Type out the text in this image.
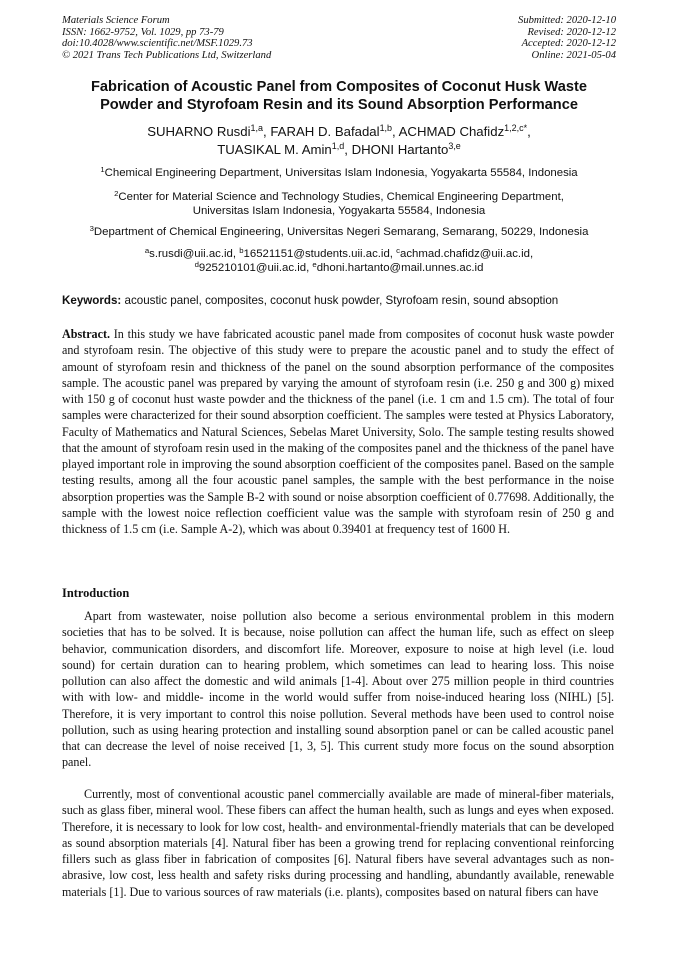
Materials Science Forum
ISSN: 1662-9752, Vol. 1029, pp 73-79
doi:10.4028/www.scientific.net/MSF.1029.73
© 2021 Trans Tech Publications Ltd, Switzerland
Submitted: 2020-12-10
Revised: 2020-12-12
Accepted: 2020-12-12
Online: 2021-05-04
Fabrication of Acoustic Panel from Composites of Coconut Husk Waste
Powder and Styrofoam Resin and its Sound Absorption Performance
SUHARNO Rusdi$^{1,a}$, FARAH D. Bafadal$^{1,b}$, ACHMAD Chafidz$^{1,2,c*}$,
TUASIKAL M. Amin$^{1,d}$, DHONI Hartanto$^{3,e}$
$^1$Chemical Engineering Department, Universitas Islam Indonesia, Yogyakarta 55584, Indonesia
$^2$Center for Material Science and Technology Studies, Chemical Engineering Department,
Universitas Islam Indonesia, Yogyakarta 55584, Indonesia
$^3$Department of Chemical Engineering, Universitas Negeri Semarang, Semarang, 50229, Indonesia
$^a$s.rusdi@uii.ac.id, $^b$16521151@students.uii.ac.id, $^c$achmad.chafidz@uii.ac.id,
$^d$925210101@uii.ac.id, $^e$dhoni.hartanto@mail.unnes.ac.id
Keywords: acoustic panel, composites, coconut husk powder, Styrofoam resin, sound absoption

Abstract. In this study we have fabricated acoustic panel made from composites of coconut husk waste powder and styrofoam resin. The objective of this study were to prepare the acoustic panel and to study the effect of amount of styrofoam resin and thickness of the panel on the sound absorption performance of the composites sample. The acoustic panel was prepared by varying the amount of styrofoam resin (i.e. 250 g and 300 g) mixed with 150 g of coconut hust waste powder and the thickness of the panel (i.e. 1 cm and 1.5 cm). The total of four samples were characterized for their sound absorption coefficient. The samples were tested at Physics Laboratory, Faculty of Mathematics and Natural Sciences, Sebelas Maret University, Solo. The sample testing results showed that the amount of styrofoam resin used in the making of the composites panel and the thickness of the panel have played important role in improving the sound absorption coefficient of the composites panel. Based on the sample testing results, among all the four acoustic panel samples, the sample with the best performance in the noise absorption properties was the Sample B-2 with sound or noise absorption coefficient of 0.77698. Additionally, the sample with the lowest noice reflection coefficient value was the sample with styrofoam resin of 250 g and thickness of 1.5 cm (i.e. Sample A-2), which was about 0.39401 at frequency test of 1600 H.

Introduction

Apart from wastewater, noise pollution also become a serious environmental problem in this modern societies that has to be solved. It is because, noise pollution can affect the human life, such as effect on sleep behavior, communication disorders, and discomfort life. Moreover, exposure to noise at high level (i.e. loud sound) for certain duration can to hearing problem, which sometimes can lead to hearing loss. This noise pollution can also affect the domestic and wild animals [1-4]. About over 275 million people in third countries with with low- and middle- income in the world would suffer from noise-induced hearing loss (NIHL) [5]. Therefore, it is very important to control this noise pollution. Several methods have been used to control noise pollution, such as using hearing protection and installing sound absorption panel or can be called acoustic panel that can decrease the level of noise received [1, 3, 5]. This current study more focus on the sound absorption panel.

Currently, most of conventional acoustic panel commercially available are made of mineral-fiber materials, such as glass fiber, mineral wool. These fibers can affect the human health, such as lungs and eyes when exposed. Therefore, it is necessary to look for low cost, health- and environmental-friendly materials that can be developed as sound absorption materials [4]. Natural fiber has been a growing trend for replacing conventional reinforcing fillers such as glass fiber in fabrication of composites [6]. Natural fibers have several advantages such as non-abrasive, low cost, less health and safety risks during processing and handling, abundantly available, renewable materials [1]. Due to various sources of raw materials (i.e. plants), composites based on natural fibers can have
